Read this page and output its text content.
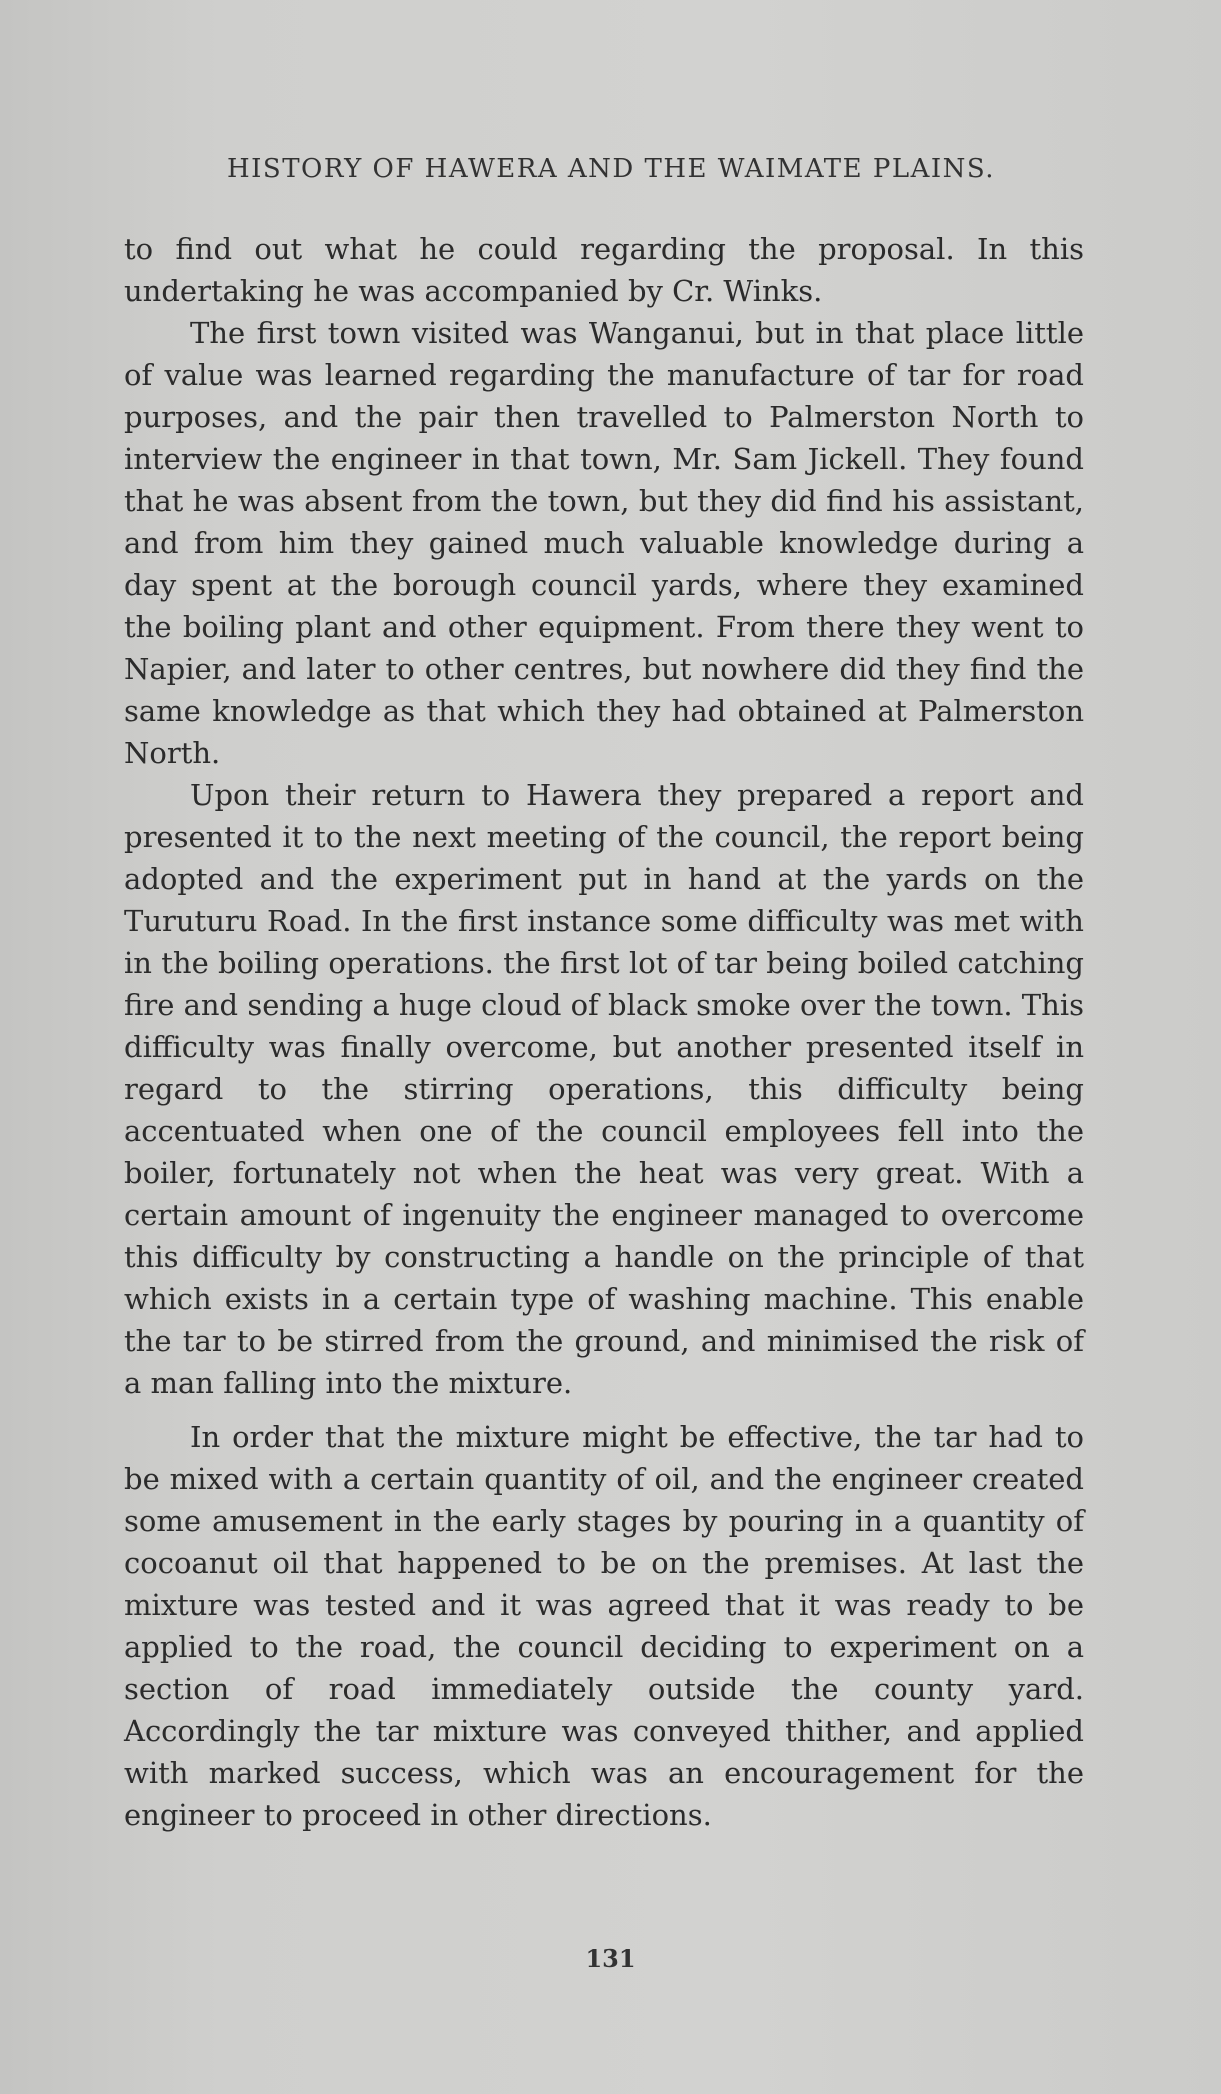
HISTORY OF HAWERA AND THE WAIMATE PLAINS.

to find out what he could regarding the proposal. In this undertaking he was accompanied by Cr. Winks.

The first town visited was Wanganui, but in that place little of value was learned regarding the manufacture of tar for road purposes, and the pair then travelled to Palmerston North to interview the engineer in that town, Mr. Sam Jickell. They found that he was absent from the town, but they did find his assistant, and from him they gained much valuable knowledge during a day spent at the borough council yards, where they examined the boiling plant and other equipment. From there they went to Napier, and later to other centres, but nowhere did they find the same knowledge as that which they had obtained at Palmerston North.

Upon their return to Hawera they prepared a report and presented it to the next meeting of the council, the report being adopted and the experiment put in hand at the yards on the Turuturu Road. In the first instance some difficulty was met with in the boiling operations. the first lot of tar being boiled catching fire and sending a huge cloud of black smoke over the town. This difficulty was finally overcome, but another presented itself in regard to the stirring operations, this difficulty being accentuated when one of the council employees fell into the boiler, fortunately not when the heat was very great. With a certain amount of ingenuity the engineer managed to overcome this difficulty by constructing a handle on the principle of that which exists in a certain type of washing machine. This enable the tar to be stirred from the ground, and minimised the risk of a man falling into the mixture.

In order that the mixture might be effective, the tar had to be mixed with a certain quantity of oil, and the engineer created some amusement in the early stages by pouring in a quantity of cocoanut oil that happened to be on the premises. At last the mixture was tested and it was agreed that it was ready to be applied to the road, the council deciding to experiment on a section of road immediately outside the county yard. Accordingly the tar mixture was conveyed thither, and applied with marked success, which was an encouragement for the engineer to proceed in other directions.

131
